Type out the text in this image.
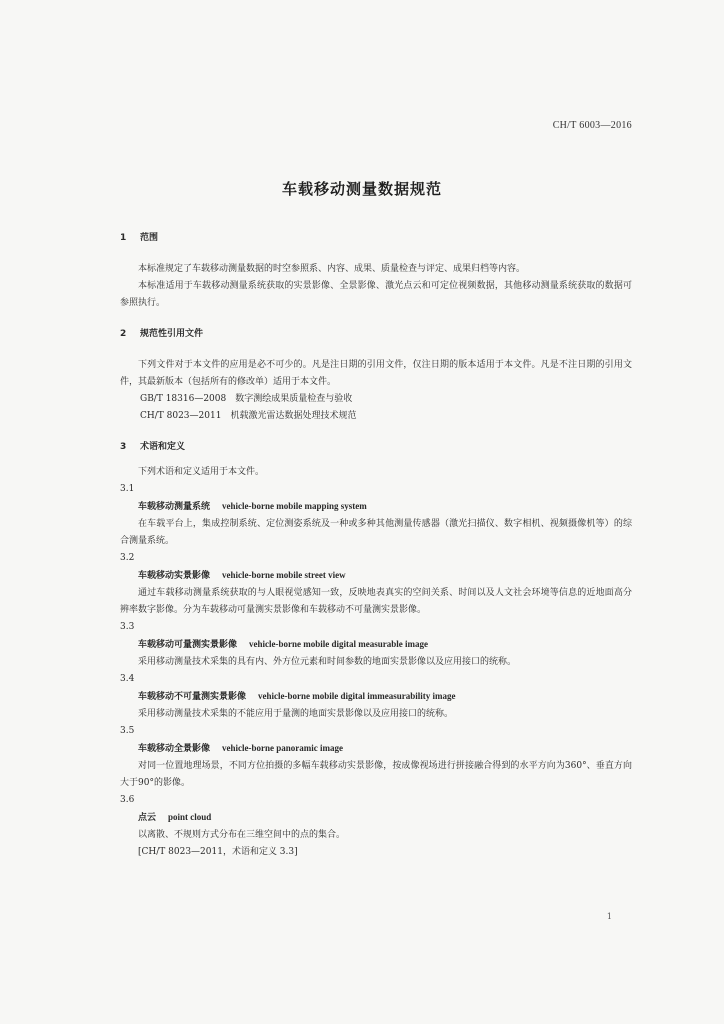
CH/T 6003—2016
车载移动测量数据规范

1 范围

本标准规定了车载移动测量数据的时空参照系、内容、成果、质量检查与评定、成果归档等内容。

本标准适用于车载移动测量系统获取的实景影像、全景影像、激光点云和可定位视频数据，其他移动测量系统获取的数据可参照执行。

2 规范性引用文件

下列文件对于本文件的应用是必不可少的。凡是注日期的引用文件，仅注日期的版本适用于本文件。凡是不注日期的引用文件，其最新版本（包括所有的修改单）适用于本文件。

GB/T 18316—2008　数字测绘成果质量检查与验收

CH/T 8023—2011　机载激光雷达数据处理技术规范

3 术语和定义

下列术语和定义适用于本文件。

3.1

车载移动测量系统 vehicle-borne mobile mapping system

在车载平台上，集成控制系统、定位测姿系统及一种或多种其他测量传感器（激光扫描仪、数字相机、视频摄像机等）的综合测量系统。

3.2

车载移动实景影像 vehicle-borne mobile street view

通过车载移动测量系统获取的与人眼视觉感知一致，反映地表真实的空间关系、时间以及人文社会环境等信息的近地面高分辨率数字影像。分为车载移动可量测实景影像和车载移动不可量测实景影像。

3.3

车载移动可量测实景影像 vehicle-borne mobile digital measurable image

采用移动测量技术采集的具有内、外方位元素和时间参数的地面实景影像以及应用接口的统称。

3.4

车载移动不可量测实景影像 vehicle-borne mobile digital immeasurability image

采用移动测量技术采集的不能应用于量测的地面实景影像以及应用接口的统称。

3.5

车载移动全景影像 vehicle-borne panoramic image

对同一位置地理场景，不同方位拍摄的多幅车载移动实景影像，按成像视场进行拼接融合得到的水平方向为360°、垂直方向大于90°的影像。

3.6

点云 point cloud

以离散、不规则方式分布在三维空间中的点的集合。

[CH/T 8023—2011，术语和定义 3.3]

1
